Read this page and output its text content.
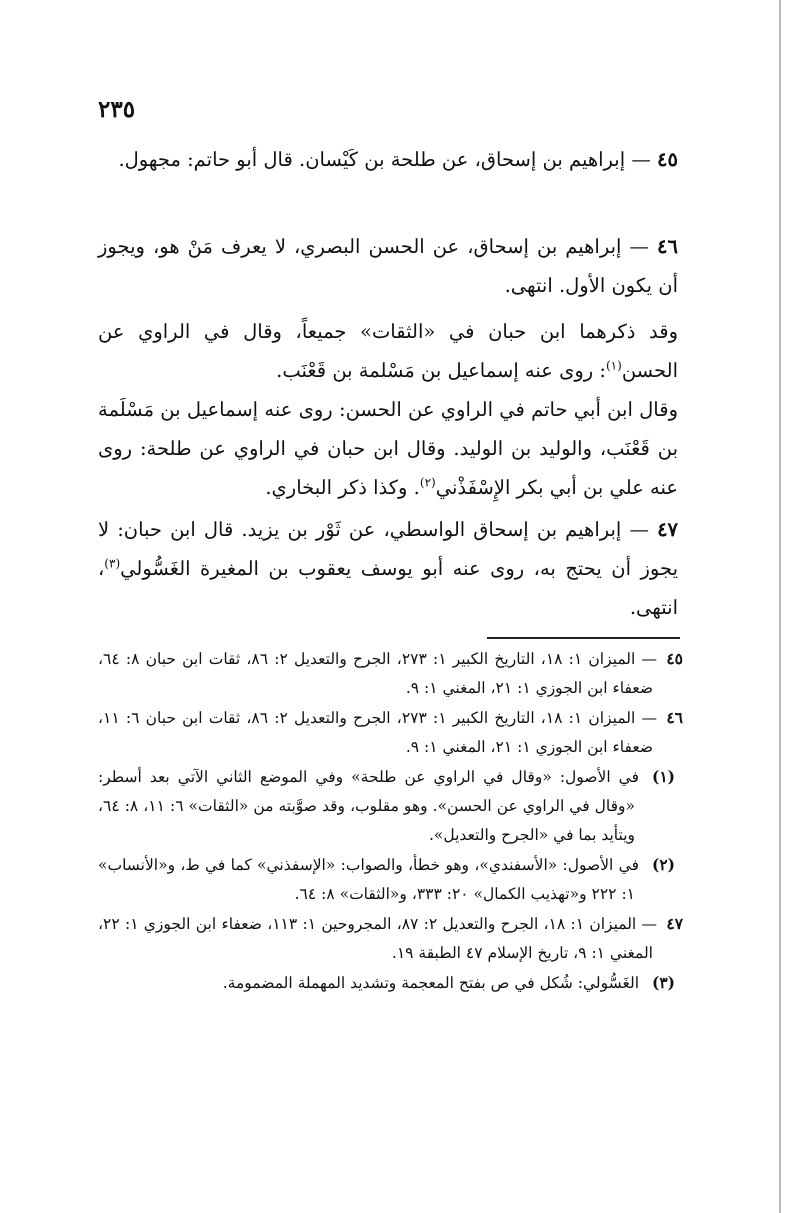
٢٣٥

٤٥ — إبراهيم بن إسحاق، عن طلحة بن كَيْسان. قال أبو حاتم: مجهول.

٤٦ — إبراهيم بن إسحاق، عن الحسن البصري، لا يعرف مَنْ هو، ويجوز أن يكون الأول. انتهى.

وقد ذكرهما ابن حبان في «الثقات» جميعاً، وقال في الراوي عن الحسن$^{(١)}$: روى عنه إسماعيل بن مَسْلمة بن قَعْنَب.

وقال ابن أبي حاتم في الراوي عن الحسن: روى عنه إسماعيل بن مَسْلَمة بن قَعْنَب، والوليد بن الوليد. وقال ابن حبان في الراوي عن طلحة: روى عنه علي بن أبي بكر الإِسْفَذْني$^{(٢)}$. وكذا ذكر البخاري.

٤٧ — إبراهيم بن إسحاق الواسطي، عن ثَوْر بن يزيد. قال ابن حبان: لا يجوز أن يحتج به، روى عنه أبو يوسف يعقوب بن المغيرة الغَسُّولي$^{(٣)}$، انتهى.

٤٥— الميزان ١: ١٨، التاريخ الكبير ١: ٢٧٣، الجرح والتعديل ٢: ٨٦، ثقات ابن حبان ٨: ٦٤، ضعفاء ابن الجوزي ١: ٢١، المغني ١: ٩.

٤٦— الميزان ١: ١٨، التاريخ الكبير ١: ٢٧٣، الجرح والتعديل ٢: ٨٦، ثقات ابن حبان ٦: ١١، ضعفاء ابن الجوزي ١: ٢١، المغني ١: ٩.

(١)في الأصول: «وقال في الراوي عن طلحة» وفي الموضع الثاني الآتي بعد أسطر: «وقال في الراوي عن الحسن». وهو مقلوب، وقد صوَّبته من «الثقات» ٦: ١١، ٨: ٦٤، ويتأيد بما في «الجرح والتعديل».

(٢)في الأصول: «الأسفندي»، وهو خطأ، والصواب: «الإسفذني» كما في ط، و«الأنساب» ١: ٢٢٢ و«تهذيب الكمال» ٢٠: ٣٣٣، و«الثقات» ٨: ٦٤.

٤٧— الميزان ١: ١٨، الجرح والتعديل ٢: ٨٧، المجروحين ١: ١١٣، ضعفاء ابن الجوزي ١: ٢٢، المغني ١: ٩، تاريخ الإسلام ٤٧ الطبقة ١٩.

(٣)الغَسُّولي: شُكل في ص بفتح المعجمة وتشديد المهملة المضمومة.
